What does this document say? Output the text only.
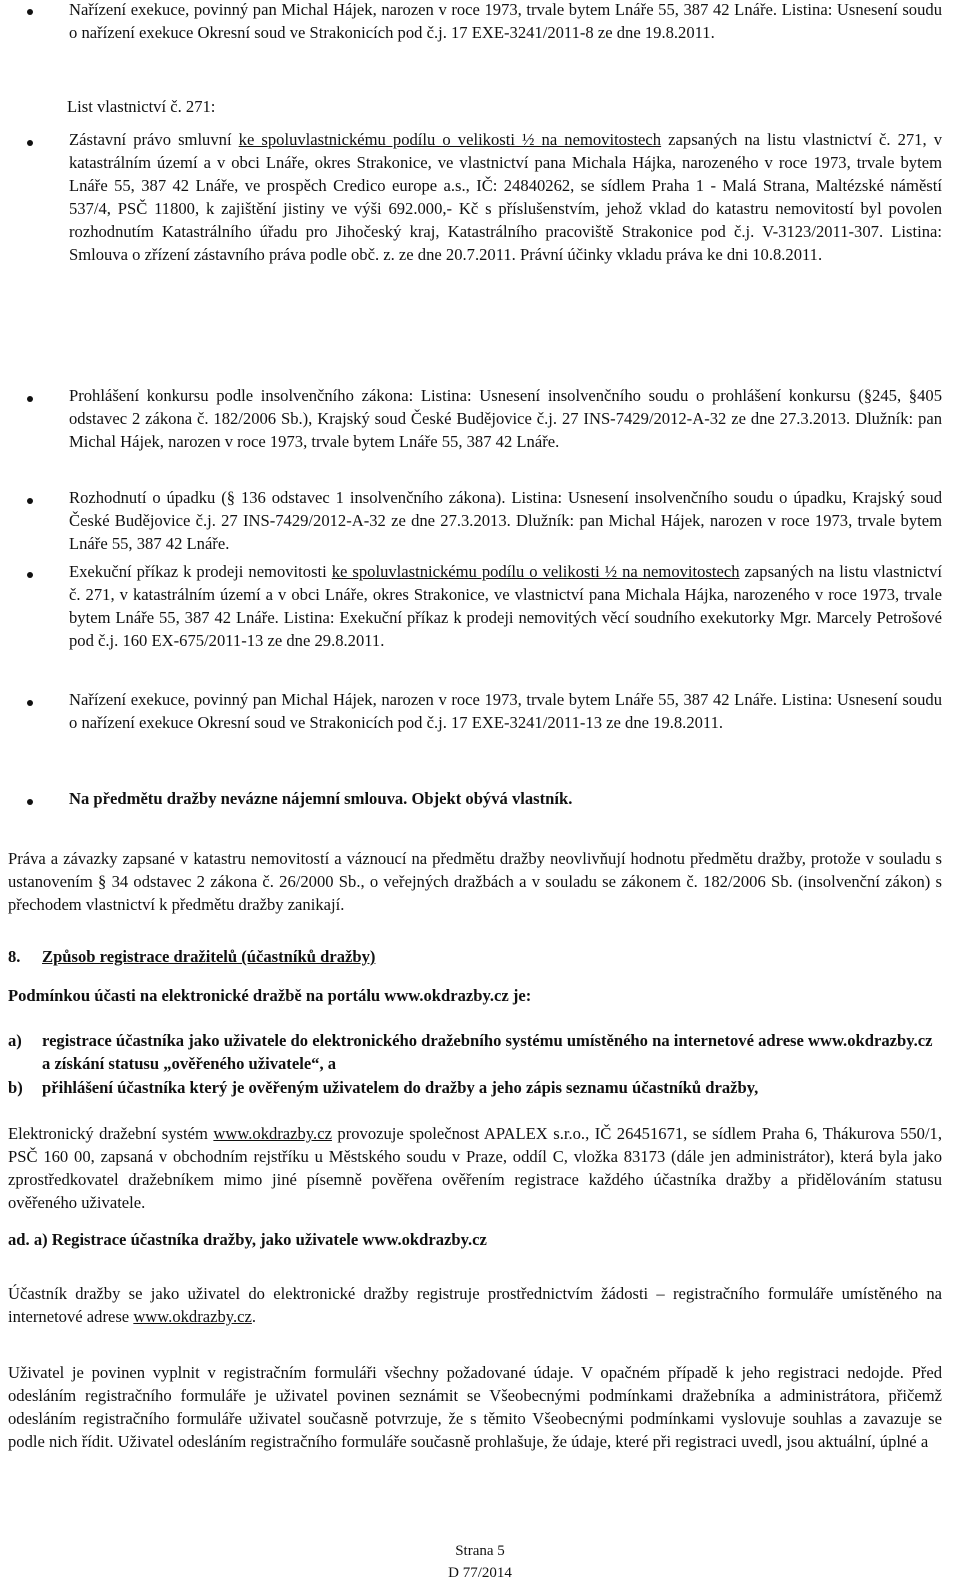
Nařízení exekuce, povinný pan Michal Hájek, narozen v roce 1973, trvale bytem Lnáře 55, 387 42 Lnáře. Listina: Usnesení soudu o nařízení exekuce Okresní soud ve Strakonicích pod č.j. 17 EXE-3241/2011-8 ze dne 19.8.2011.
List vlastnictví č. 271:
Zástavní právo smluvní ke spoluvlastnickému podílu o velikosti ½ na nemovitostech zapsaných na listu vlastnictví č. 271, v katastrálním území a v obci Lnáře, okres Strakonice, ve vlastnictví pana Michala Hájka, narozeného v roce 1973, trvale bytem Lnáře 55, 387 42 Lnáře, ve prospěch Credico europe a.s., IČ: 24840262, se sídlem Praha 1 - Malá Strana, Maltézské náměstí 537/4, PSČ 11800, k zajištění jistiny ve výši 692.000,- Kč s příslušenstvím, jehož vklad do katastru nemovitostí byl povolen rozhodnutím Katastrálního úřadu pro Jihočeský kraj, Katastrálního pracoviště Strakonice pod č.j. V-3123/2011-307. Listina: Smlouva o zřízení zástavního práva podle obč. z. ze dne 20.7.2011. Právní účinky vkladu práva ke dni 10.8.2011.
Prohlášení konkursu podle insolvenčního zákona: Listina: Usnesení insolvenčního soudu o prohlášení konkursu (§245, §405 odstavec 2 zákona č. 182/2006 Sb.), Krajský soud České Budějovice č.j. 27 INS-7429/2012-A-32 ze dne 27.3.2013. Dlužník: pan Michal Hájek, narozen v roce 1973, trvale bytem Lnáře 55, 387 42 Lnáře.
Rozhodnutí o úpadku (§ 136 odstavec 1 insolvenčního zákona). Listina: Usnesení insolvenčního soudu o úpadku, Krajský soud České Budějovice č.j. 27 INS-7429/2012-A-32 ze dne 27.3.2013. Dlužník: pan Michal Hájek, narozen v roce 1973, trvale bytem Lnáře 55, 387 42 Lnáře.
Exekuční příkaz k prodeji nemovitosti ke spoluvlastnickému podílu o velikosti ½ na nemovitostech zapsaných na listu vlastnictví č. 271, v katastrálním území a v obci Lnáře, okres Strakonice, ve vlastnictví pana Michala Hájka, narozeného v roce 1973, trvale bytem Lnáře 55, 387 42 Lnáře. Listina: Exekuční příkaz k prodeji nemovitých věcí soudního exekutorky Mgr. Marcely Petrošové pod č.j. 160 EX-675/2011-13 ze dne 29.8.2011.
Nařízení exekuce, povinný pan Michal Hájek, narozen v roce 1973, trvale bytem Lnáře 55, 387 42 Lnáře. Listina: Usnesení soudu o nařízení exekuce Okresní soud ve Strakonicích pod č.j. 17 EXE-3241/2011-13 ze dne 19.8.2011.
Na předmětu dražby nevázne nájemní smlouva. Objekt obývá vlastník.
Práva a závazky zapsané v katastru nemovitostí a váznoucí na předmětu dražby neovlivňují hodnotu předmětu dražby, protože v souladu s ustanovením § 34 odstavec 2 zákona č. 26/2000 Sb., o veřejných dražbách a v souladu se zákonem č. 182/2006 Sb. (insolvenční zákon) s přechodem vlastnictví k předmětu dražby zanikají.
8. Způsob registrace dražitelů (účastníků dražby)
Podmínkou účasti na elektronické dražbě na portálu www.okdrazby.cz je:
a)	registrace účastníka jako uživatele do elektronického dražebního systému umístěného na internetové adrese www.okdrazby.cz a získání statusu „ověřeného uživatele“, a
b)	přihlášení účastníka který je ověřeným uživatelem do dražby a jeho zápis seznamu účastníků dražby,
Elektronický dražební systém www.okdrazby.cz provozuje společnost APALEX s.r.o., IČ 26451671, se sídlem Praha 6, Thákurova 550/1, PSČ 160 00, zapsaná v obchodním rejstříku u Městského soudu v Praze, oddíl C, vložka 83173 (dále jen administrátor), která byla jako zprostředkovatel dražebníkem mimo jiné písemně pověřena ověřením registrace každého účastníka dražby a přidělováním statusu ověřeného uživatele.
ad. a) Registrace účastníka dražby, jako uživatele www.okdrazby.cz
Účastník dražby se jako uživatel do elektronické dražby registruje prostřednictvím žádosti – registračního formuláře umístěného na internetové adrese www.okdrazby.cz.
Uživatel je povinen vyplnit v registračním formuláři všechny požadované údaje. V opačném případě k jeho registraci nedojde. Před odesláním registračního formuláře je uživatel povinen seznámit se Všeobecnými podmínkami dražebníka a administrátora, přičemž odesláním registračního formuláře uživatel současně potvrzuje, že s těmito Všeobecnými podmínkami vyslovuje souhlas a zavazuje se podle nich řídit. Uživatel odesláním registračního formuláře současně prohlašuje, že údaje, které při registraci uvedl, jsou aktuální, úplné a
Strana 5
D 77/2014
